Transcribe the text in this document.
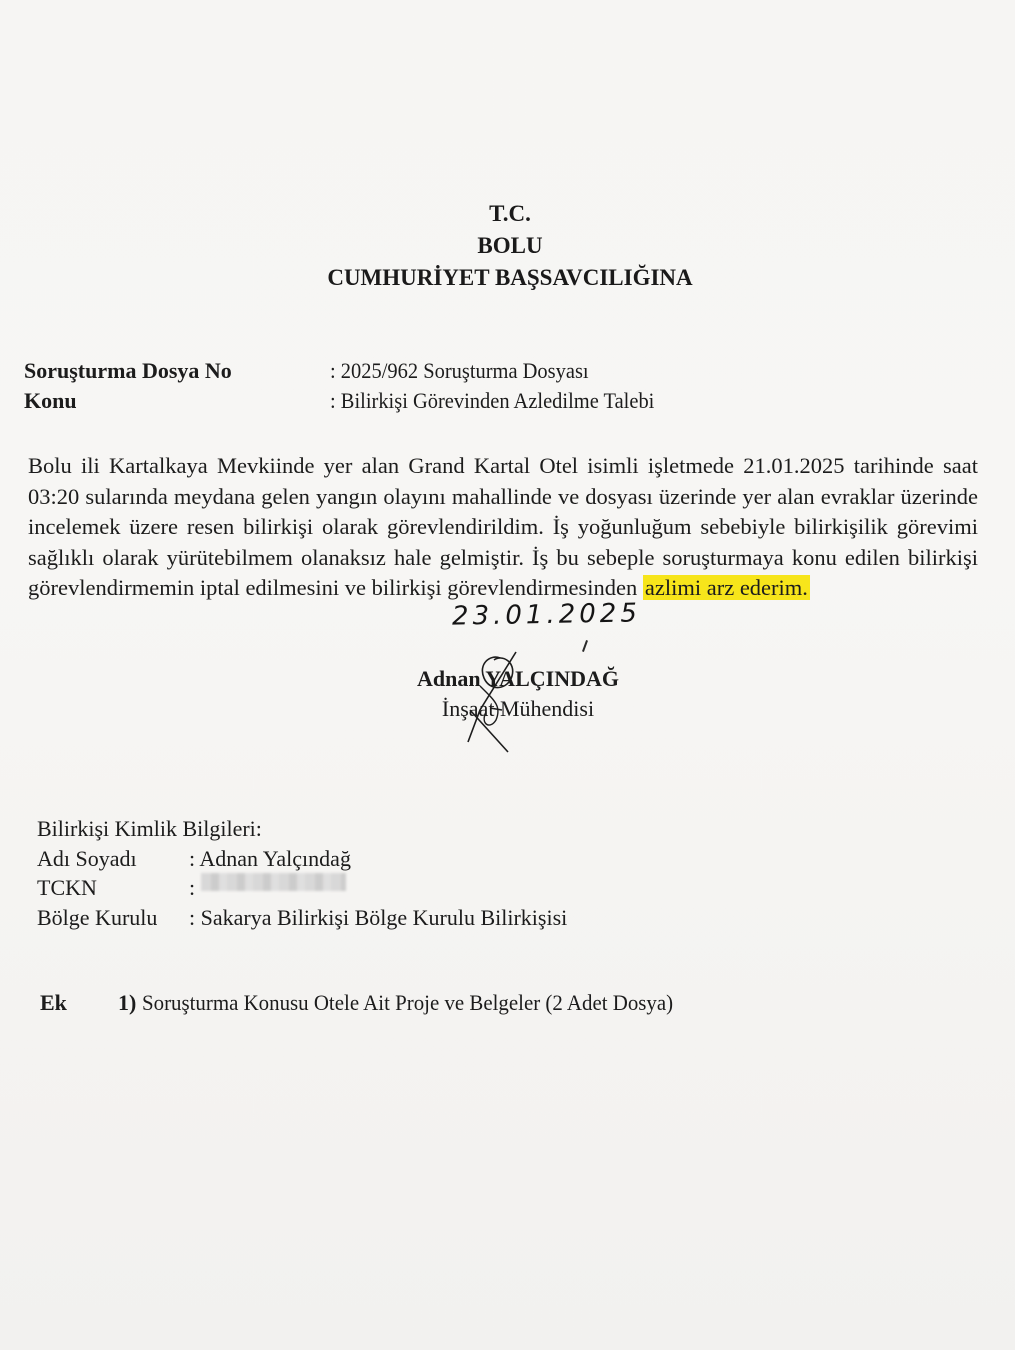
T.C.
BOLU
CUMHURİYET BAŞSAVCILIĞINA
Soruşturma Dosya No	: 2025/962 Soruşturma Dosyası
Konu	: Bilirkişi Görevinden Azledilme Talebi
Bolu ili Kartalkaya Mevkiinde yer alan Grand Kartal Otel isimli işletmede 21.01.2025 tarihinde saat 03:20 sularında meydana gelen yangın olayını mahallinde ve dosyası üzerinde yer alan evraklar üzerinde incelemek üzere resen bilirkişi olarak görevlendirildim. İş yoğunluğum sebebiyle bilirkişilik görevimi sağlıklı olarak yürütebilmem olanaksız hale gelmiştir. İş bu sebeple soruşturmaya konu edilen bilirkişi görevlendirmemin iptal edilmesini ve bilirkişi görevlendirmesinden azlimi arz ederim.
23.01.2025
Adnan YALÇINDAĞ
İnşaat Mühendisi
Bilirkişi Kimlik Bilgileri:
Adı Soyadı	: Adnan Yalçındağ
TCKN	:
Bölge Kurulu	: Sakarya Bilirkişi Bölge Kurulu Bilirkişisi
Ek	1) Soruşturma Konusu Otele Ait Proje ve Belgeler (2 Adet Dosya)
